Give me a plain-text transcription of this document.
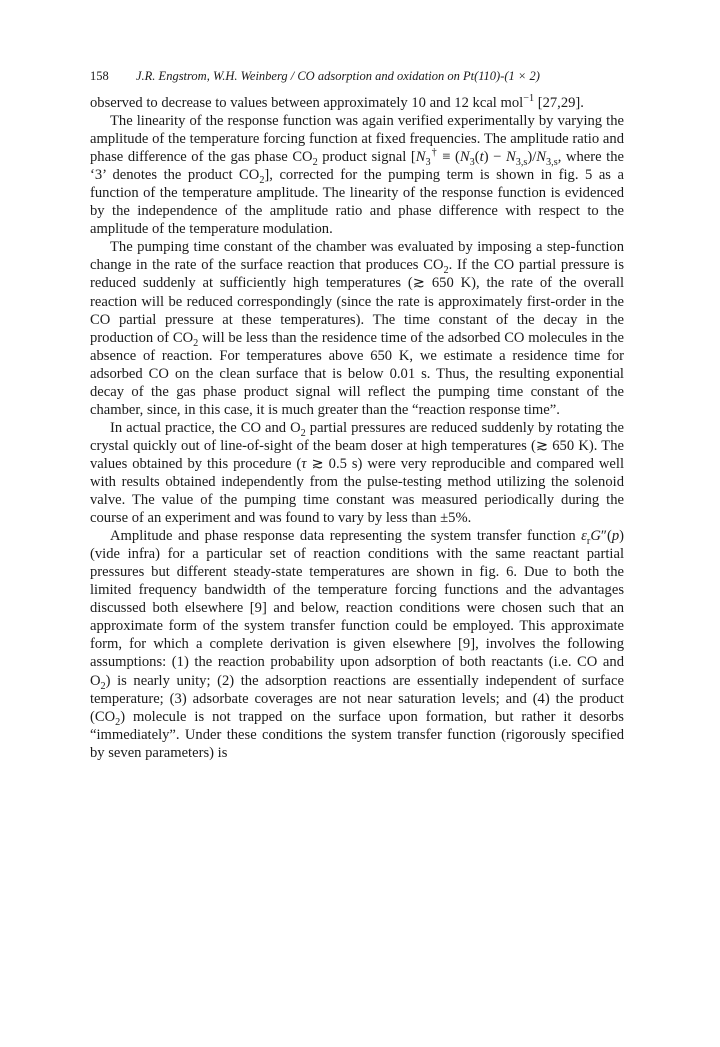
158 J.R. Engstrom, W.H. Weinberg / CO adsorption and oxidation on Pt(110)-(1 × 2)

observed to decrease to values between approximately 10 and 12 kcal mol$^{-1}$ [27,29].

The linearity of the response function was again verified experimentally by varying the amplitude of the temperature forcing function at fixed frequencies. The amplitude ratio and phase difference of the gas phase $CO_2$ product signal [$N_3^\dagger \equiv (N_3(t) - N_{3,s})/N_{3,s}$, where the ‘3’ denotes the product $CO_2$], corrected for the pumping term is shown in fig. 5 as a function of the temperature amplitude. The linearity of the response function is evidenced by the independence of the amplitude ratio and phase difference with respect to the amplitude of the temperature modulation.

The pumping time constant of the chamber was evaluated by imposing a step-function change in the rate of the surface reaction that produces $CO_2$. If the CO partial pressure is reduced suddenly at sufficiently high temperatures (≳ 650 K), the rate of the overall reaction will be reduced correspondingly (since the rate is approximately first-order in the CO partial pressure at these temperatures). The time constant of the decay in the production of $CO_2$ will be less than the residence time of the adsorbed CO molecules in the absence of reaction. For temperatures above 650 K, we estimate a residence time for adsorbed CO on the clean surface that is below 0.01 s. Thus, the resulting exponential decay of the gas phase product signal will reflect the pumping time constant of the chamber, since, in this case, it is much greater than the “reaction response time”.

In actual practice, the CO and $O_2$ partial pressures are reduced suddenly by rotating the crystal quickly out of line-of-sight of the beam doser at high temperatures (≳ 650 K). The values obtained by this procedure (τ ≳ 0.5 s) were very reproducible and compared well with results obtained independently from the pulse-testing method utilizing the solenoid valve. The value of the pumping time constant was measured periodically during the course of an experiment and was found to vary by less than ±5%.

Amplitude and phase response data representing the system transfer function $\varepsilon_rG''(p)$ (vide infra) for a particular set of reaction conditions with the same reactant partial pressures but different steady-state temperatures are shown in fig. 6. Due to both the limited frequency bandwidth of the temperature forcing functions and the advantages discussed both elsewhere [9] and below, reaction conditions were chosen such that an approximate form of the system transfer function could be employed. This approximate form, for which a complete derivation is given elsewhere [9], involves the following assumptions: (1) the reaction probability upon adsorption of both reactants (i.e. CO and $O_2$) is nearly unity; (2) the adsorption reactions are essentially independent of surface temperature; (3) adsorbate coverages are not near saturation levels; and (4) the product $(CO_2)$ molecule is not trapped on the surface upon formation, but rather it desorbs “immediately”. Under these conditions the system transfer function (rigorously specified by seven parameters) is
